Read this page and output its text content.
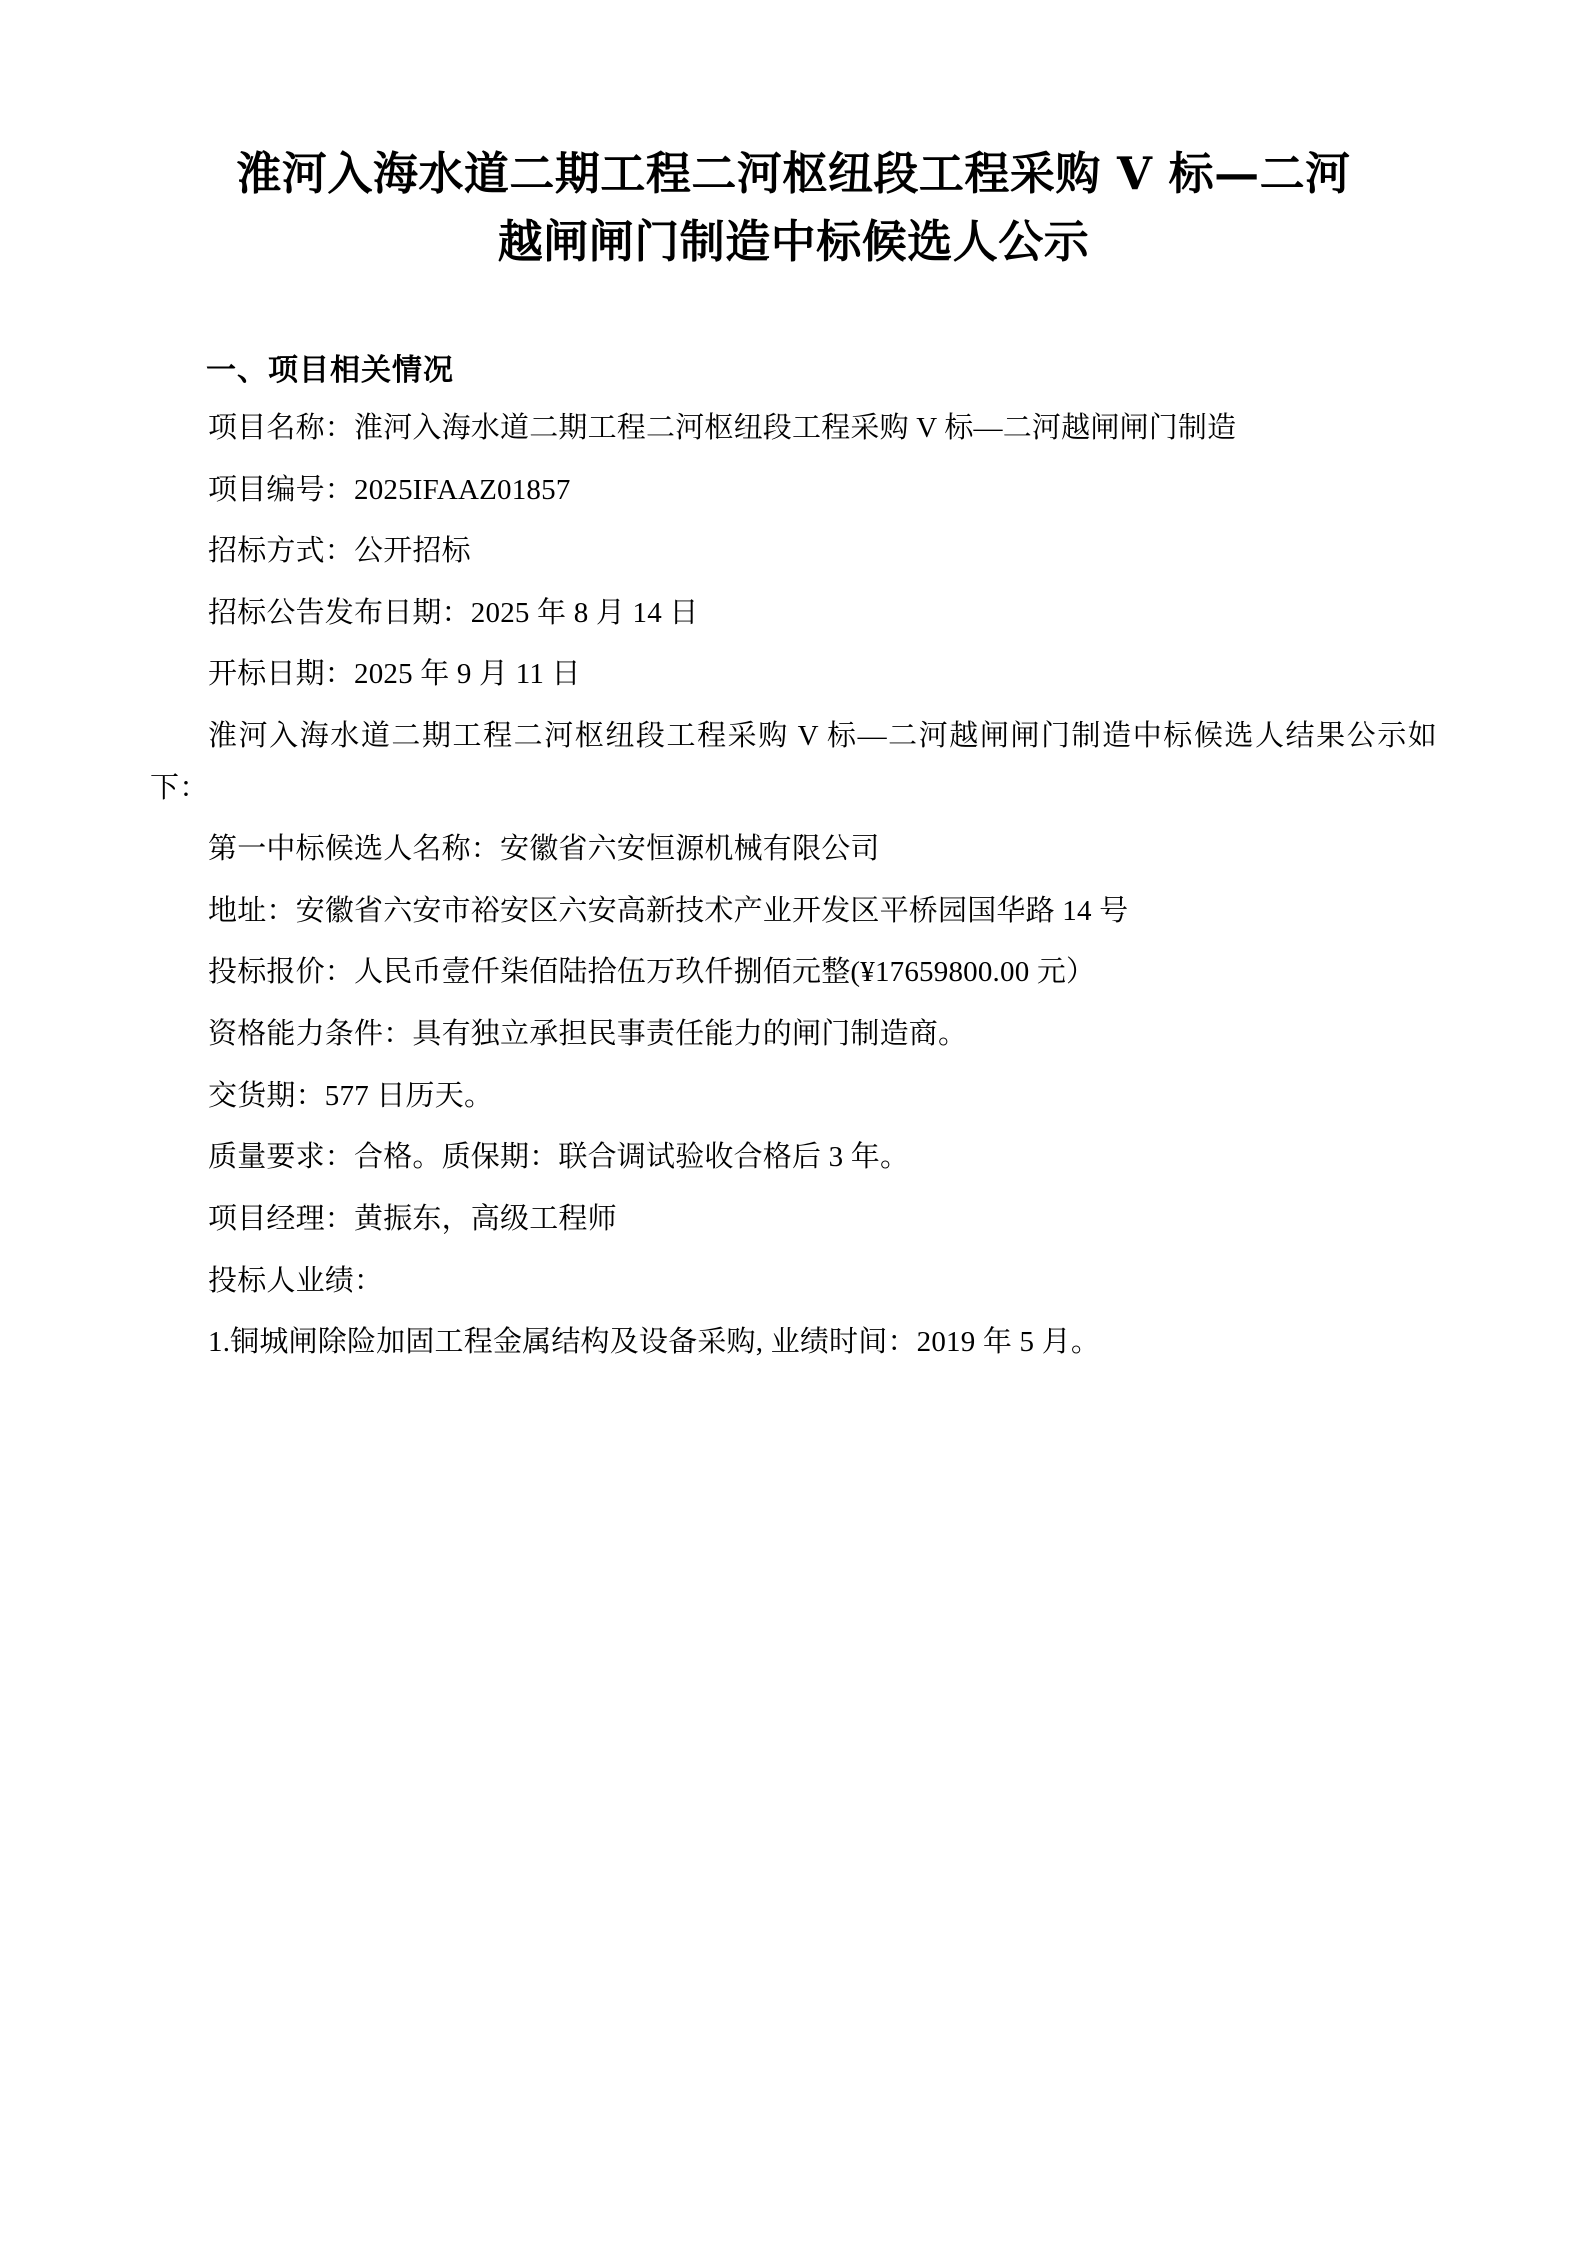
淮河入海水道二期工程二河枢纽段工程采购 V 标—二河越闸闸门制造中标候选人公示
一、项目相关情况

项目名称：淮河入海水道二期工程二河枢纽段工程采购 V 标—二河越闸闸门制造

项目编号：2025IFAAZ01857

招标方式：公开招标

招标公告发布日期：2025 年 8 月 14 日

开标日期：2025 年 9 月 11 日

淮河入海水道二期工程二河枢纽段工程采购 V 标—二河越闸闸门制造中标候选人结果公示如下：

第一中标候选人名称：安徽省六安恒源机械有限公司

地址：安徽省六安市裕安区六安高新技术产业开发区平桥园国华路 14 号

投标报价：人民币壹仟柒佰陆拾伍万玖仟捌佰元整(¥17659800.00 元）

资格能力条件：具有独立承担民事责任能力的闸门制造商。

交货期：577 日历天。

质量要求：合格。质保期：联合调试验收合格后 3 年。

项目经理：黄振东，高级工程师

投标人业绩：

1.铜城闸除险加固工程金属结构及设备采购, 业绩时间：2019 年 5 月。
